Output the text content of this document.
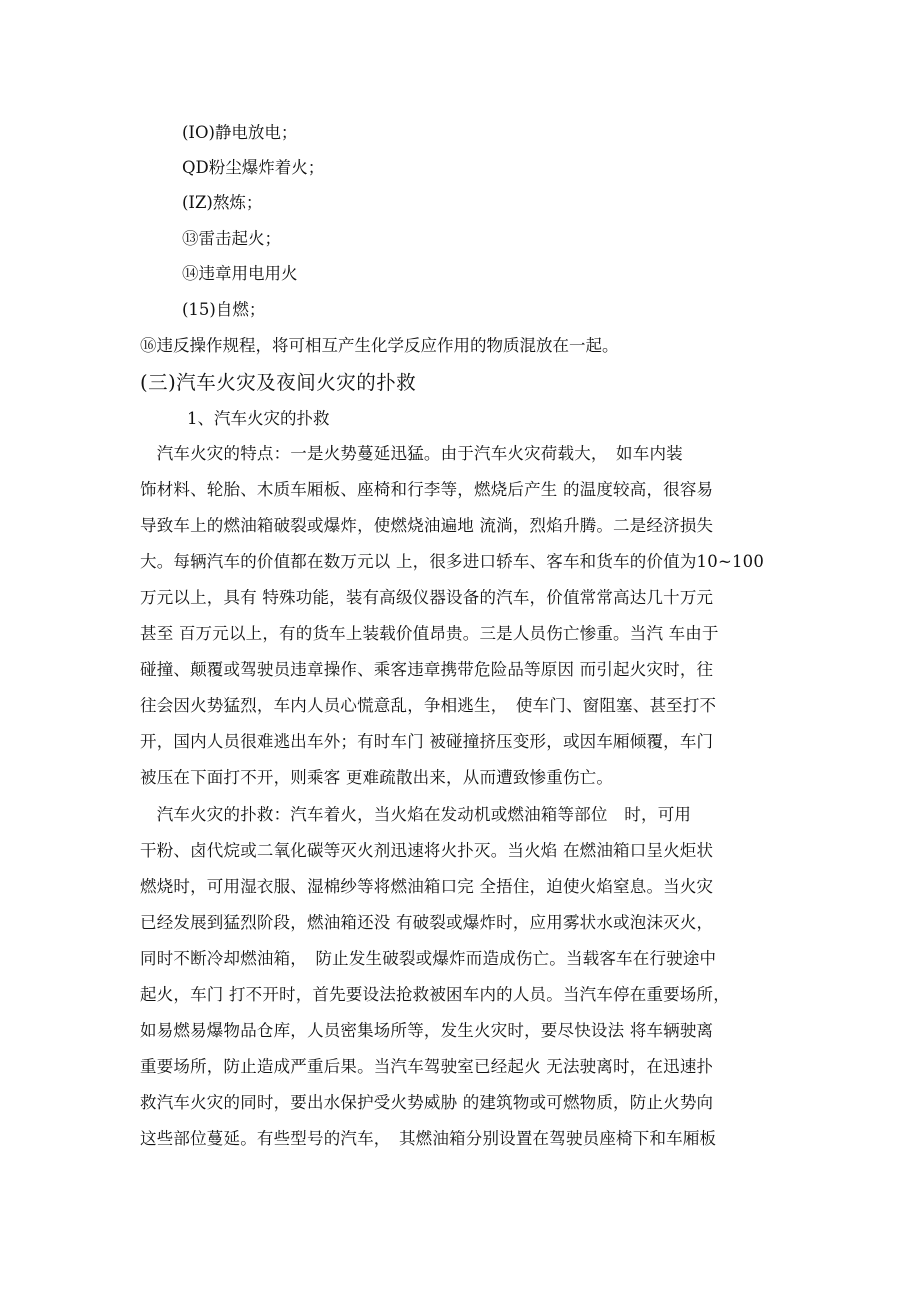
(IO)静电放电；
QD粉尘爆炸着火；
(IZ)熬炼；
⑬雷击起火；
⑭违章用电用火
(15)自燃；
⑯违反操作规程，将可相互产生化学反应作用的物质混放在一起。
(三)汽车火灾及夜间火灾的扑救
1、汽车火灾的扑救
　汽车火灾的特点：一是火势蔓延迅猛。由于汽车火灾荷载大，　如车内装
饰材料、轮胎、木质车厢板、座椅和行李等，燃烧后产生 的温度较高，很容易
导致车上的燃油箱破裂或爆炸，使燃烧油遍地 流淌，烈焰升腾。二是经济损失
大。每辆汽车的价值都在数万元以 上，很多进口轿车、客车和货车的价值为10~100
万元以上，具有 特殊功能，装有高级仪器设备的汽车，价值常常高达几十万元
甚至 百万元以上，有的货车上装载价值昂贵。三是人员伤亡惨重。当汽 车由于
碰撞、颠覆或驾驶员违章操作、乘客违章携带危险品等原因 而引起火灾时，往
往会因火势猛烈，车内人员心慌意乱，争相逃生，　使车门、窗阻塞、甚至打不
开，国内人员很难逃出车外；有时车门 被碰撞挤压变形，或因车厢倾覆，车门
被压在下面打不开，则乘客 更难疏散出来，从而遭致惨重伤亡。
　汽车火灾的扑救：汽车着火，当火焰在发动机或燃油箱等部位　时，可用
干粉、卤代烷或二氧化碳等灭火剂迅速将火扑灭。当火焰 在燃油箱口呈火炬状
燃烧时，可用湿衣服、湿棉纱等将燃油箱口完 全捂住，迫使火焰窒息。当火灾
已经发展到猛烈阶段，燃油箱还没 有破裂或爆炸时，应用雾状水或泡沫灭火，
同时不断冷却燃油箱，　防止发生破裂或爆炸而造成伤亡。当载客车在行驶途中
起火，车门 打不开时，首先要设法抢救被困车内的人员。当汽车停在重要场所，
如易燃易爆物品仓库，人员密集场所等，发生火灾时，要尽快设法 将车辆驶离
重要场所，防止造成严重后果。当汽车驾驶室已经起火 无法驶离时，在迅速扑
救汽车火灾的同时，要出水保护受火势威胁 的建筑物或可燃物质，防止火势向
这些部位蔓延。有些型号的汽车，　其燃油箱分别设置在驾驶员座椅下和车厢板
